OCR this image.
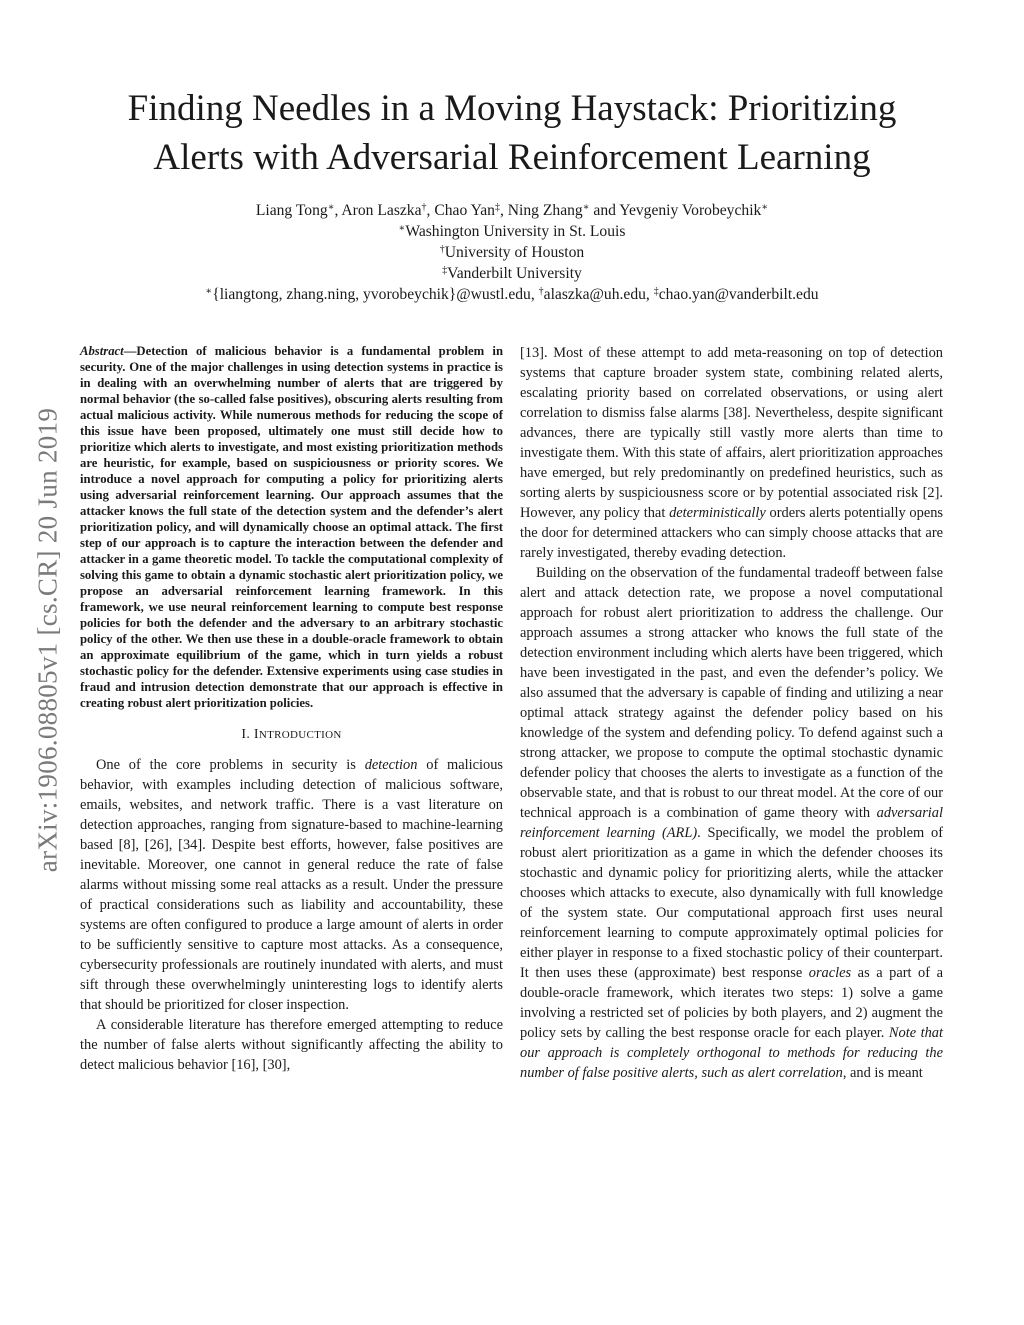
arXiv:1906.08805v1 [cs.CR] 20 Jun 2019
Finding Needles in a Moving Haystack: Prioritizing
Alerts with Adversarial Reinforcement Learning
Liang Tong∗, Aron Laszka†, Chao Yan‡, Ning Zhang∗ and Yevgeniy Vorobeychik∗
∗Washington University in St. Louis
†University of Houston
‡Vanderbilt University
∗{liangtong, zhang.ning, yvorobeychik}@wustl.edu, †alaszka@uh.edu, ‡chao.yan@vanderbilt.edu
Abstract—Detection of malicious behavior is a fundamental problem in security. One of the major challenges in using detection systems in practice is in dealing with an overwhelming number of alerts that are triggered by normal behavior (the so-called false positives), obscuring alerts resulting from actual malicious activity. While numerous methods for reducing the scope of this issue have been proposed, ultimately one must still decide how to prioritize which alerts to investigate, and most existing prioritization methods are heuristic, for example, based on suspiciousness or priority scores. We introduce a novel approach for computing a policy for prioritizing alerts using adversarial reinforcement learning. Our approach assumes that the attacker knows the full state of the detection system and the defender’s alert prioritization policy, and will dynamically choose an optimal attack. The first step of our approach is to capture the interaction between the defender and attacker in a game theoretic model. To tackle the computational complexity of solving this game to obtain a dynamic stochastic alert prioritization policy, we propose an adversarial reinforcement learning framework. In this framework, we use neural reinforcement learning to compute best response policies for both the defender and the adversary to an arbitrary stochastic policy of the other. We then use these in a double-oracle framework to obtain an approximate equilibrium of the game, which in turn yields a robust stochastic policy for the defender. Extensive experiments using case studies in fraud and intrusion detection demonstrate that our approach is effective in creating robust alert prioritization policies.
I. INTRODUCTION

One of the core problems in security is detection of malicious behavior, with examples including detection of malicious software, emails, websites, and network traffic. There is a vast literature on detection approaches, ranging from signature-based to machine-learning based [8], [26], [34]. Despite best efforts, however, false positives are inevitable. Moreover, one cannot in general reduce the rate of false alarms without missing some real attacks as a result. Under the pressure of practical considerations such as liability and accountability, these systems are often configured to produce a large amount of alerts in order to be sufficiently sensitive to capture most attacks. As a consequence, cybersecurity professionals are routinely inundated with alerts, and must sift through these overwhelmingly uninteresting logs to identify alerts that should be prioritized for closer inspection.

A considerable literature has therefore emerged attempting to reduce the number of false alerts without significantly affecting the ability to detect malicious behavior [16], [30],

[13]. Most of these attempt to add meta-reasoning on top of detection systems that capture broader system state, combining related alerts, escalating priority based on correlated observations, or using alert correlation to dismiss false alarms [38]. Nevertheless, despite significant advances, there are typically still vastly more alerts than time to investigate them. With this state of affairs, alert prioritization approaches have emerged, but rely predominantly on predefined heuristics, such as sorting alerts by suspiciousness score or by potential associated risk [2]. However, any policy that deterministically orders alerts potentially opens the door for determined attackers who can simply choose attacks that are rarely investigated, thereby evading detection.

Building on the observation of the fundamental tradeoff between false alert and attack detection rate, we propose a novel computational approach for robust alert prioritization to address the challenge. Our approach assumes a strong attacker who knows the full state of the detection environment including which alerts have been triggered, which have been investigated in the past, and even the defender’s policy. We also assumed that the adversary is capable of finding and utilizing a near optimal attack strategy against the defender policy based on his knowledge of the system and defending policy. To defend against such a strong attacker, we propose to compute the optimal stochastic dynamic defender policy that chooses the alerts to investigate as a function of the observable state, and that is robust to our threat model. At the core of our technical approach is a combination of game theory with adversarial reinforcement learning (ARL). Specifically, we model the problem of robust alert prioritization as a game in which the defender chooses its stochastic and dynamic policy for prioritizing alerts, while the attacker chooses which attacks to execute, also dynamically with full knowledge of the system state. Our computational approach first uses neural reinforcement learning to compute approximately optimal policies for either player in response to a fixed stochastic policy of their counterpart. It then uses these (approximate) best response oracles as a part of a double-oracle framework, which iterates two steps: 1) solve a game involving a restricted set of policies by both players, and 2) augment the policy sets by calling the best response oracle for each player. Note that our approach is completely orthogonal to methods for reducing the number of false positive alerts, such as alert correlation, and is meant
